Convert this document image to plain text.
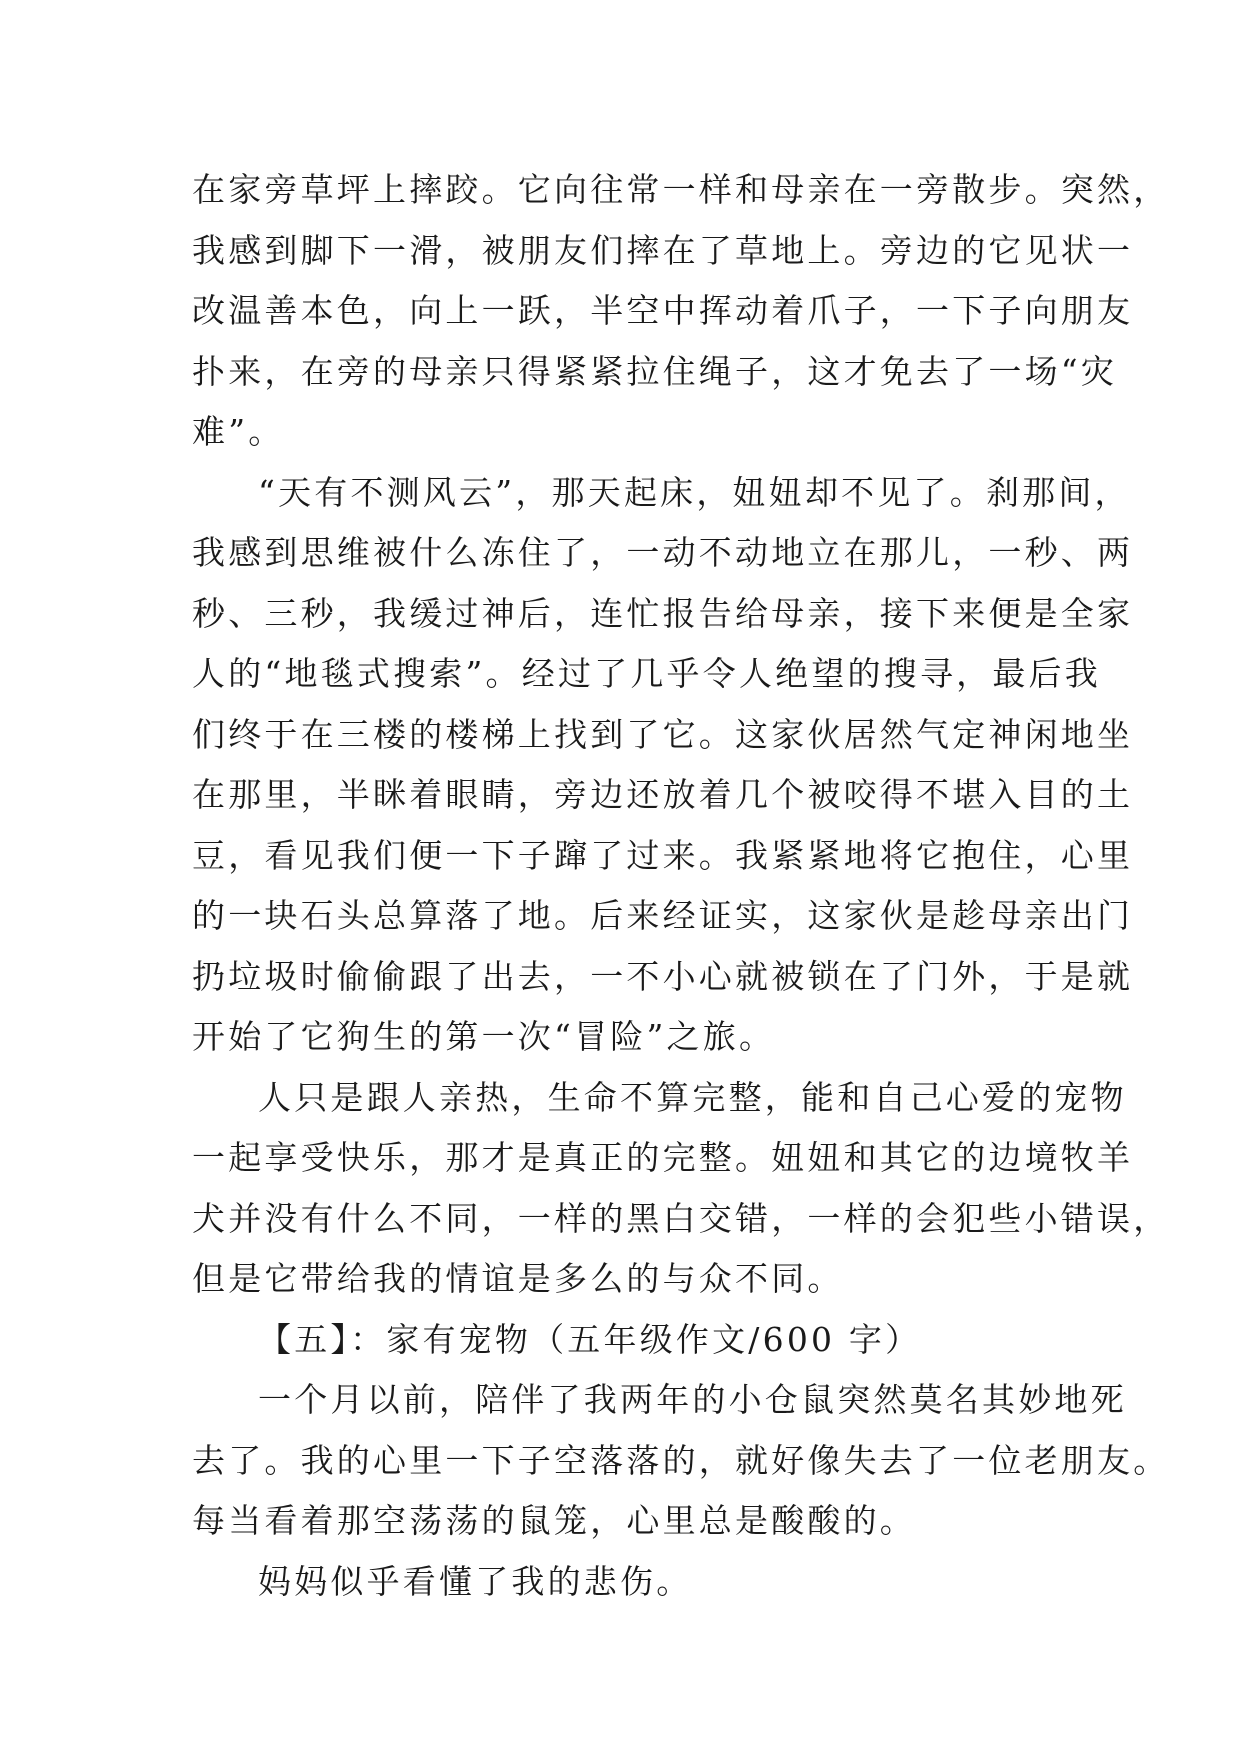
在家旁草坪上摔跤。它向往常一样和母亲在一旁散步。突然，
我感到脚下一滑，被朋友们摔在了草地上。旁边的它见状一
改温善本色，向上一跃，半空中挥动着爪子，一下子向朋友
扑来，在旁的母亲只得紧紧拉住绳子，这才免去了一场“灾
难”。
“天有不测风云”，那天起床，妞妞却不见了。刹那间，
我感到思维被什么冻住了，一动不动地立在那儿，一秒、两
秒、三秒，我缓过神后，连忙报告给母亲，接下来便是全家
人的“地毯式搜索”。经过了几乎令人绝望的搜寻，最后我
们终于在三楼的楼梯上找到了它。这家伙居然气定神闲地坐
在那里，半眯着眼睛，旁边还放着几个被咬得不堪入目的土
豆，看见我们便一下子蹿了过来。我紧紧地将它抱住，心里
的一块石头总算落了地。后来经证实，这家伙是趁母亲出门
扔垃圾时偷偷跟了出去，一不小心就被锁在了门外，于是就
开始了它狗生的第一次“冒险”之旅。
人只是跟人亲热，生命不算完整，能和自己心爱的宠物
一起享受快乐，那才是真正的完整。妞妞和其它的边境牧羊
犬并没有什么不同，一样的黑白交错，一样的会犯些小错误，
但是它带给我的情谊是多么的与众不同。
【五】：家有宠物（五年级作文/600 字）
一个月以前，陪伴了我两年的小仓鼠突然莫名其妙地死
去了。我的心里一下子空落落的，就好像失去了一位老朋友。
每当看着那空荡荡的鼠笼，心里总是酸酸的。
妈妈似乎看懂了我的悲伤。
